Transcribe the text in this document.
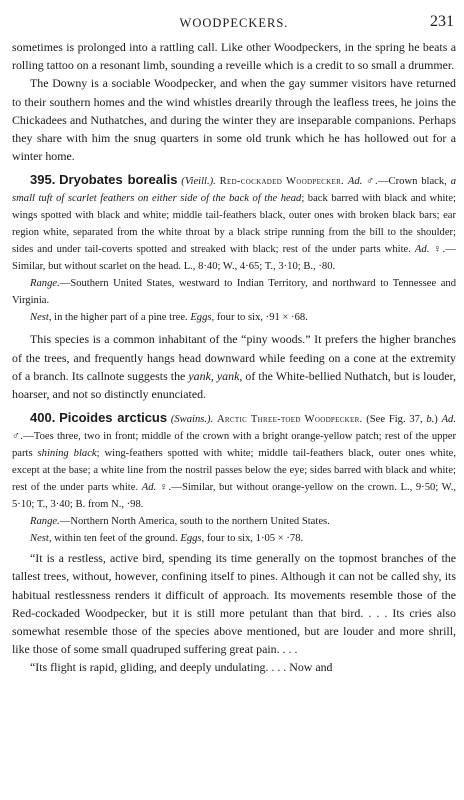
WOODPECKERS.	231

sometimes is prolonged into a rattling call. Like other Woodpeckers, in the spring he beats a rolling tattoo on a resonant limb, sounding a reveille which is a credit to so small a drummer.

The Downy is a sociable Woodpecker, and when the gay summer visitors have returned to their southern homes and the wind whistles drearily through the leafless trees, he joins the Chickadees and Nuthatches, and during the winter they are inseparable companions. Perhaps they share with him the snug quarters in some old trunk which he has hollowed out for a winter home.

395. Dryobates borealis (Vieill.). Red-cockaded Woodpecker. Ad. ♂.—Crown black, a small tuft of scarlet feathers on either side of the back of the head; back barred with black and white; wings spotted with black and white; middle tail-feathers black, outer ones with broken black bars; ear region white, separated from the white throat by a black stripe running from the bill to the shoulder; sides and under tail-coverts spotted and streaked with black; rest of the under parts white. Ad. ♀.—Similar, but without scarlet on the head. L., 8·40; W., 4·65; T., 3·10; B., ·80.

Range.—Southern United States, westward to Indian Territory, and northward to Tennessee and Virginia.

Nest, in the higher part of a pine tree. Eggs, four to six, ·91 × ·68.

This species is a common inhabitant of the “piny woods.” It prefers the higher branches of the trees, and frequently hangs head downward while feeding on a cone at the extremity of a branch. Its callnote suggests the yank, yank, of the White-bellied Nuthatch, but is louder, hoarser, and not so distinctly enunciated.

400. Picoides arcticus (Swains.). Arctic Three-toed Woodpecker. (See Fig. 37, b.) Ad. ♂.—Toes three, two in front; middle of the crown with a bright orange-yellow patch; rest of the upper parts shining black; wing-feathers spotted with white; middle tail-feathers black, outer ones white, except at the base; a white line from the nostril passes below the eye; sides barred with black and white; rest of the under parts white. Ad. ♀.—Similar, but without orange-yellow on the crown. L., 9·50; W., 5·10; T., 3·40; B. from N., ·98.

Range.—Northern North America, south to the northern United States.

Nest, within ten feet of the ground. Eggs, four to six, 1·05 × ·78.

“It is a restless, active bird, spending its time generally on the topmost branches of the tallest trees, without, however, confining itself to pines. Although it can not be called shy, its habitual restlessness renders it difficult of approach. Its movements resemble those of the Red-cockaded Woodpecker, but it is still more petulant than that bird. . . . Its cries also somewhat resemble those of the species above mentioned, but are louder and more shrill, like those of some small quadruped suffering great pain. . . .

“Its flight is rapid, gliding, and deeply undulating. . . . Now and
